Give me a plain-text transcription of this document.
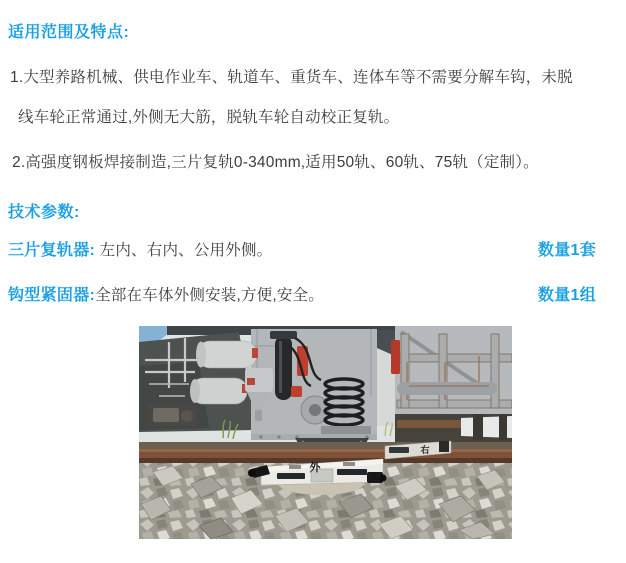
适用范围及特点:

1.大型养路机械、供电作业车、轨道车、重货车、连体车等不需要分解车钩，未脱

线车轮正常通过,外侧无大筋，脱轨车轮自动校正复轨。

2.高强度钢板焊接制造,三片复轨0-340mm,适用50轨、60轨、75轨（定制）。

技术参数:
三片复轨器: 左内、右内、公用外侧。	数量1套
钩型紧固器: 全部在车体外侧安装,方便,安全。	数量1组
外
右
